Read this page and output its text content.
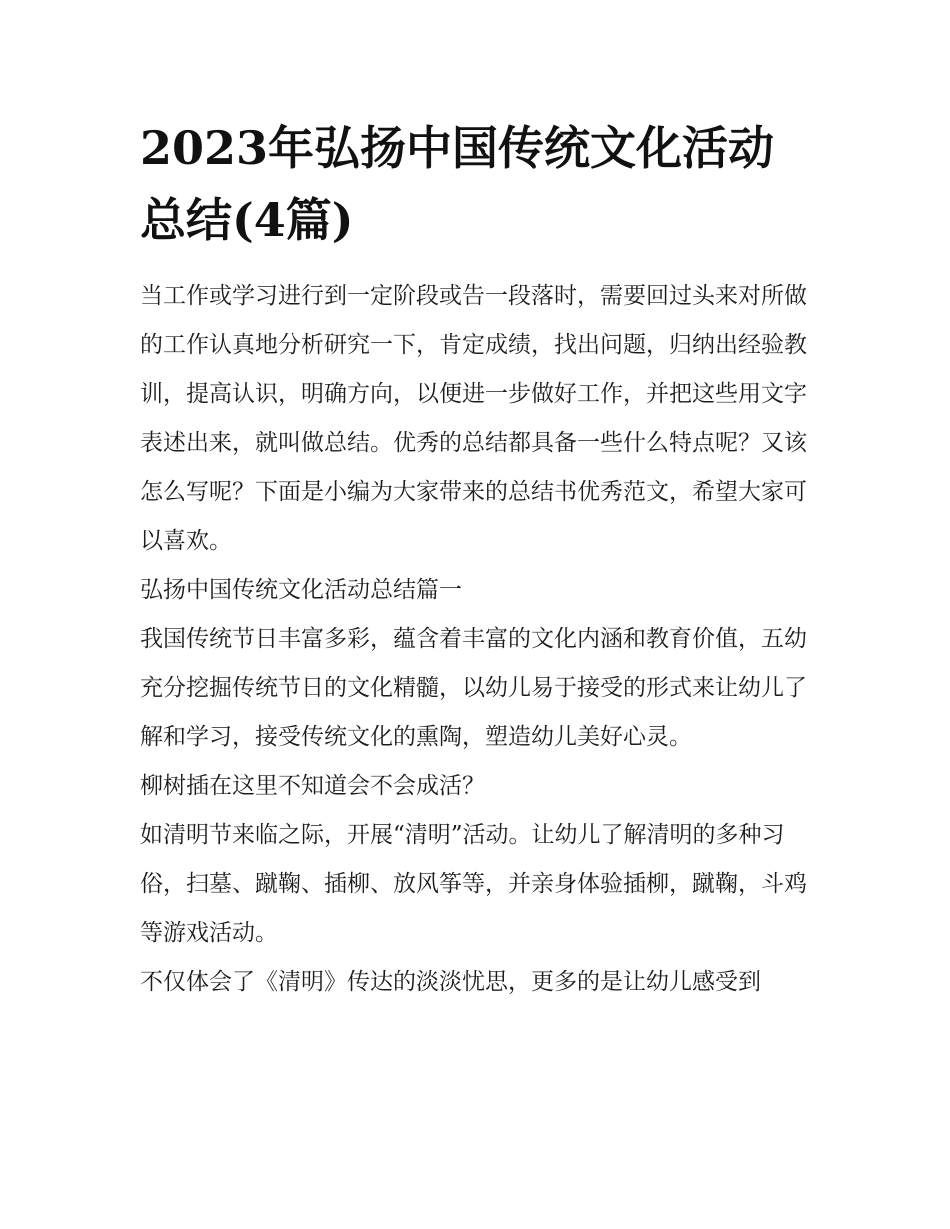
2023年弘扬中国传统文化活动总结(4篇)

当工作或学习进行到一定阶段或告一段落时，需要回过头来对所做的工作认真地分析研究一下，肯定成绩，找出问题，归纳出经验教训，提高认识，明确方向，以便进一步做好工作，并把这些用文字表述出来，就叫做总结。优秀的总结都具备一些什么特点呢？又该怎么写呢？下面是小编为大家带来的总结书优秀范文，希望大家可以喜欢。

弘扬中国传统文化活动总结篇一

我国传统节日丰富多彩，蕴含着丰富的文化内涵和教育价值，五幼充分挖掘传统节日的文化精髓，以幼儿易于接受的形式来让幼儿了解和学习，接受传统文化的熏陶，塑造幼儿美好心灵。

柳树插在这里不知道会不会成活？

如清明节来临之际，开展“清明”活动。让幼儿了解清明的多种习俗，扫墓、蹴鞠、插柳、放风筝等，并亲身体验插柳，蹴鞠，斗鸡等游戏活动。

不仅体会了《清明》传达的淡淡忧思，更多的是让幼儿感受到
